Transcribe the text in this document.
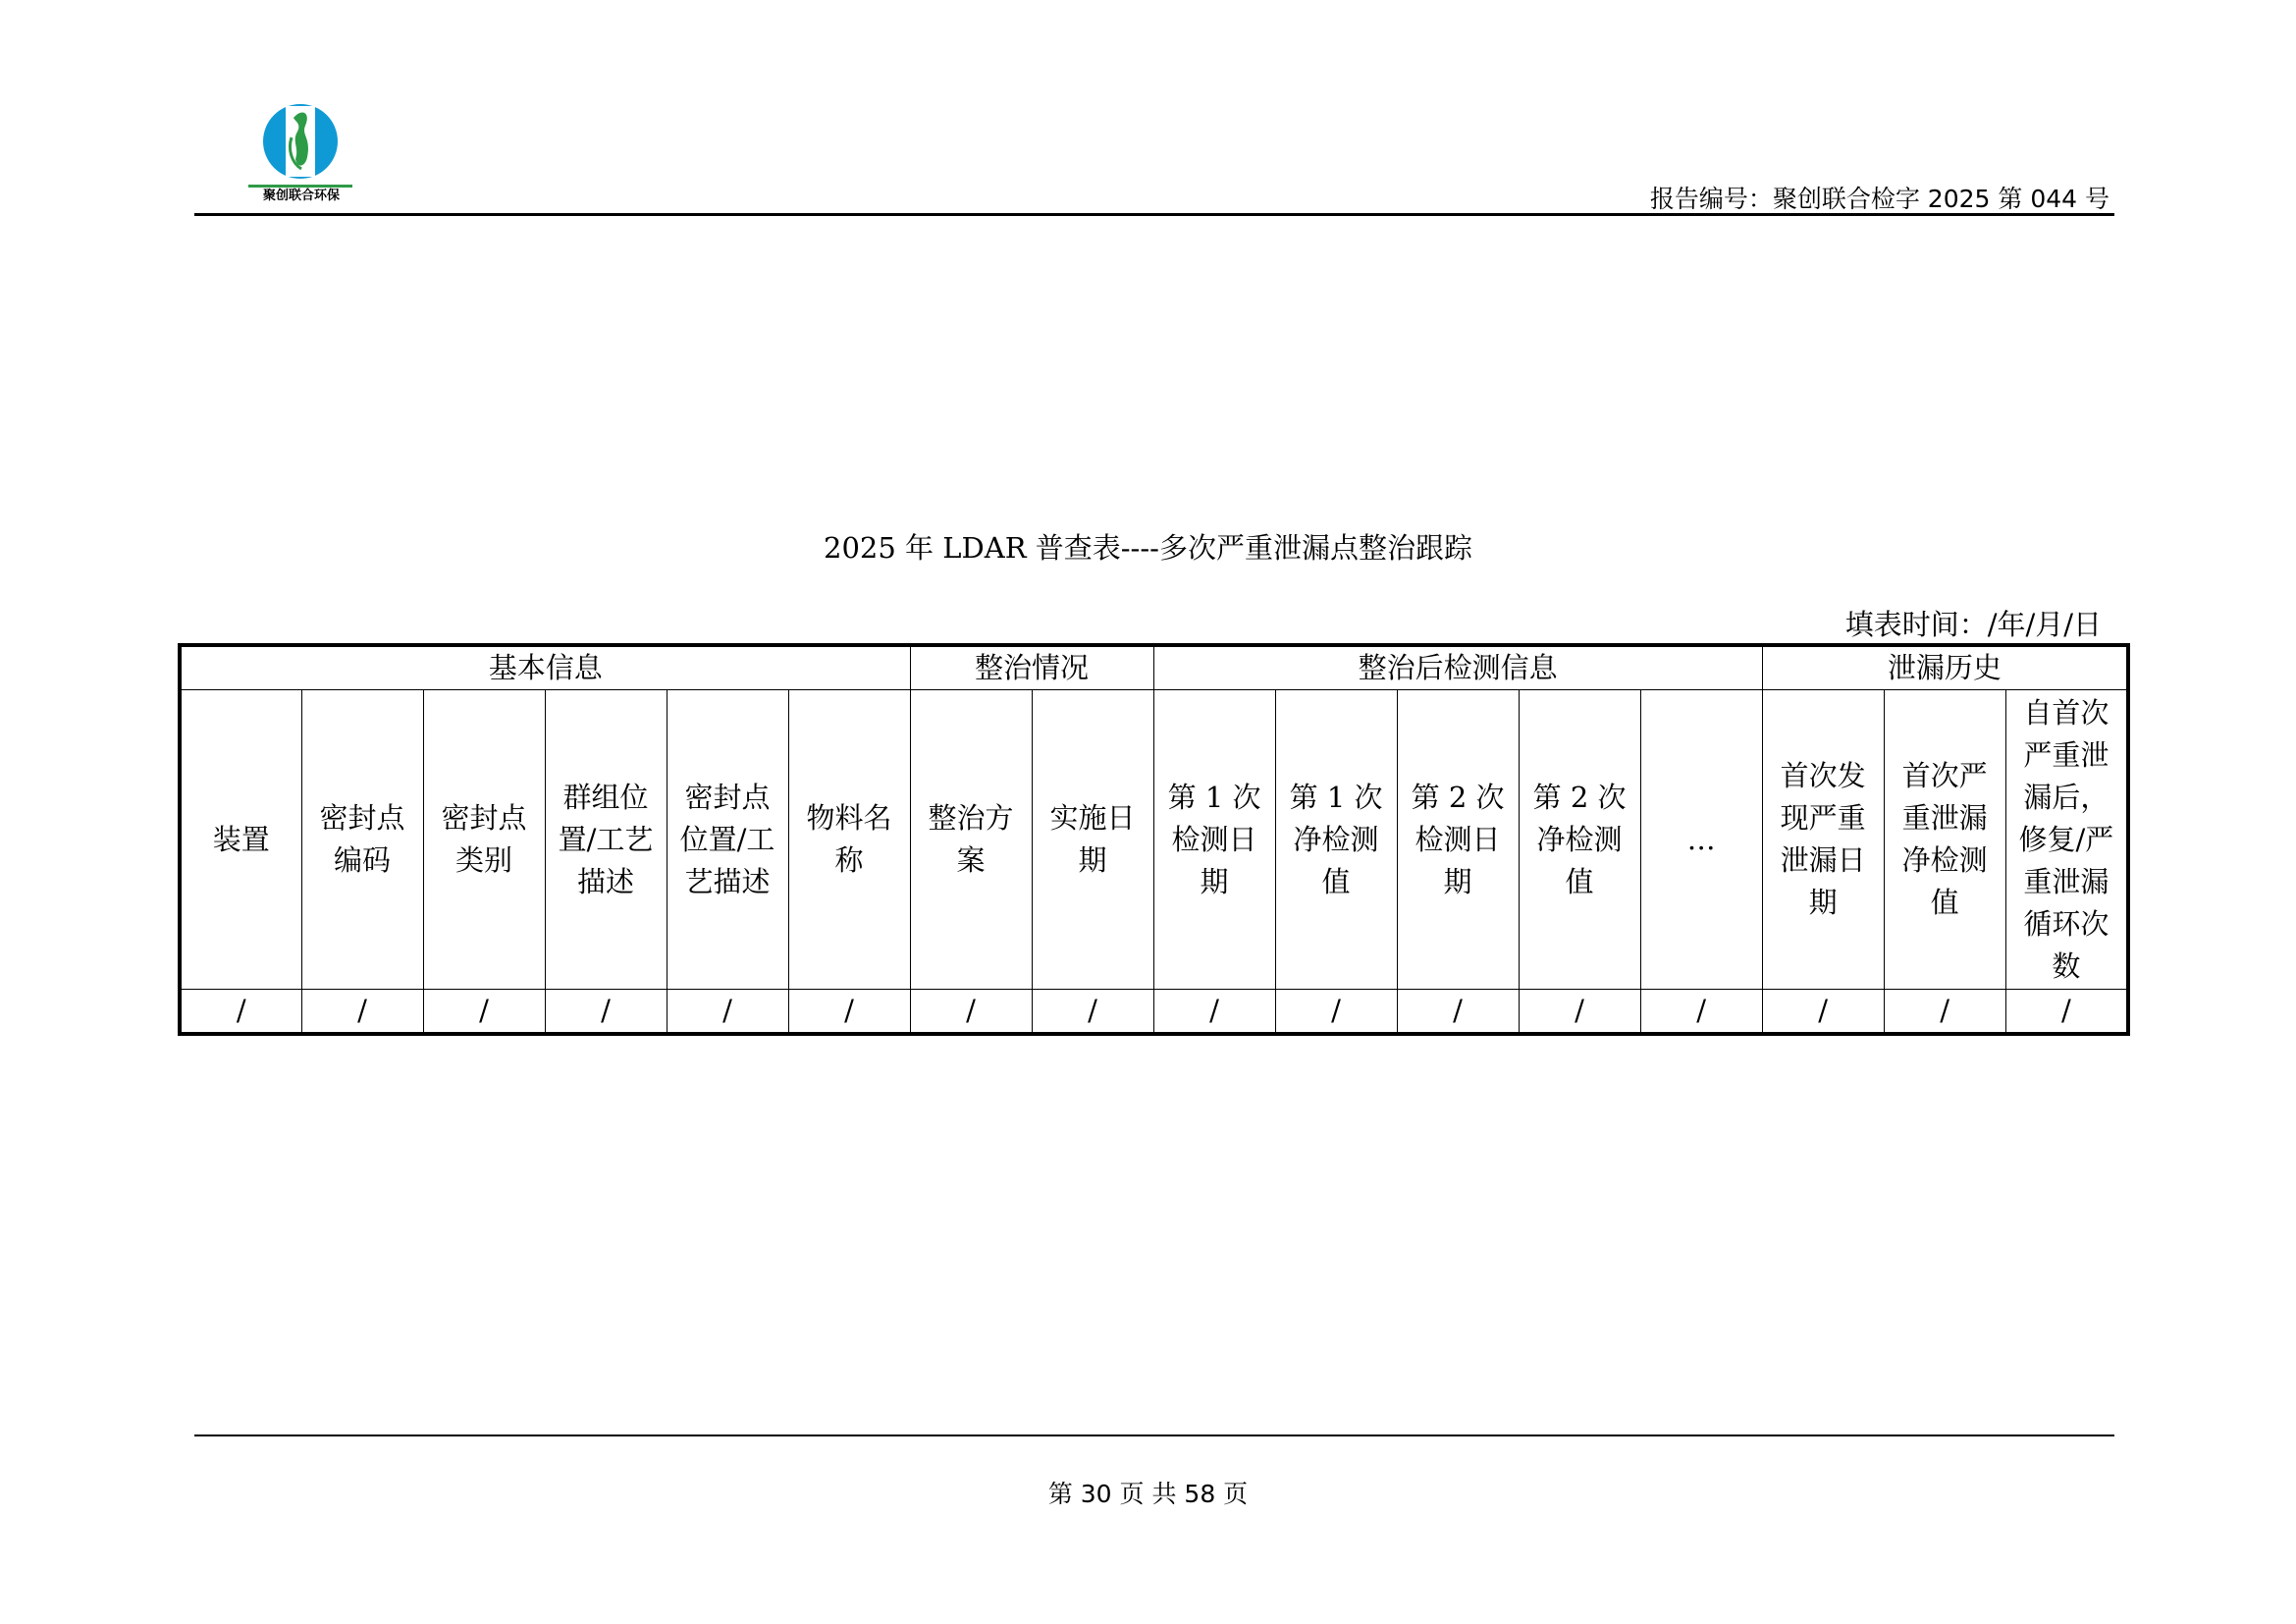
聚创联合环保	报告编号：聚创联合检字 2025 第 044 号
2025 年 LDAR 普查表----多次严重泄漏点整治跟踪
填表时间：/年/月/日
基本信息						整治情况		整治后检测信息					泄漏历史		
装置	密封点编码	密封点类别	群组位置/工艺描述	密封点位置/工艺描述	物料名称	整治方案	实施日期	第 1 次检测日期	第 1 次净检测值	第 2 次检测日期	第 2 次净检测值	…	首次发现严重泄漏日期	首次严重泄漏净检测值	自首次严重泄漏后，修复/严重泄漏循环次数
/	/	/	/	/	/	/	/	/	/	/	/	/	/	/	/
第 30 页 共 58 页
